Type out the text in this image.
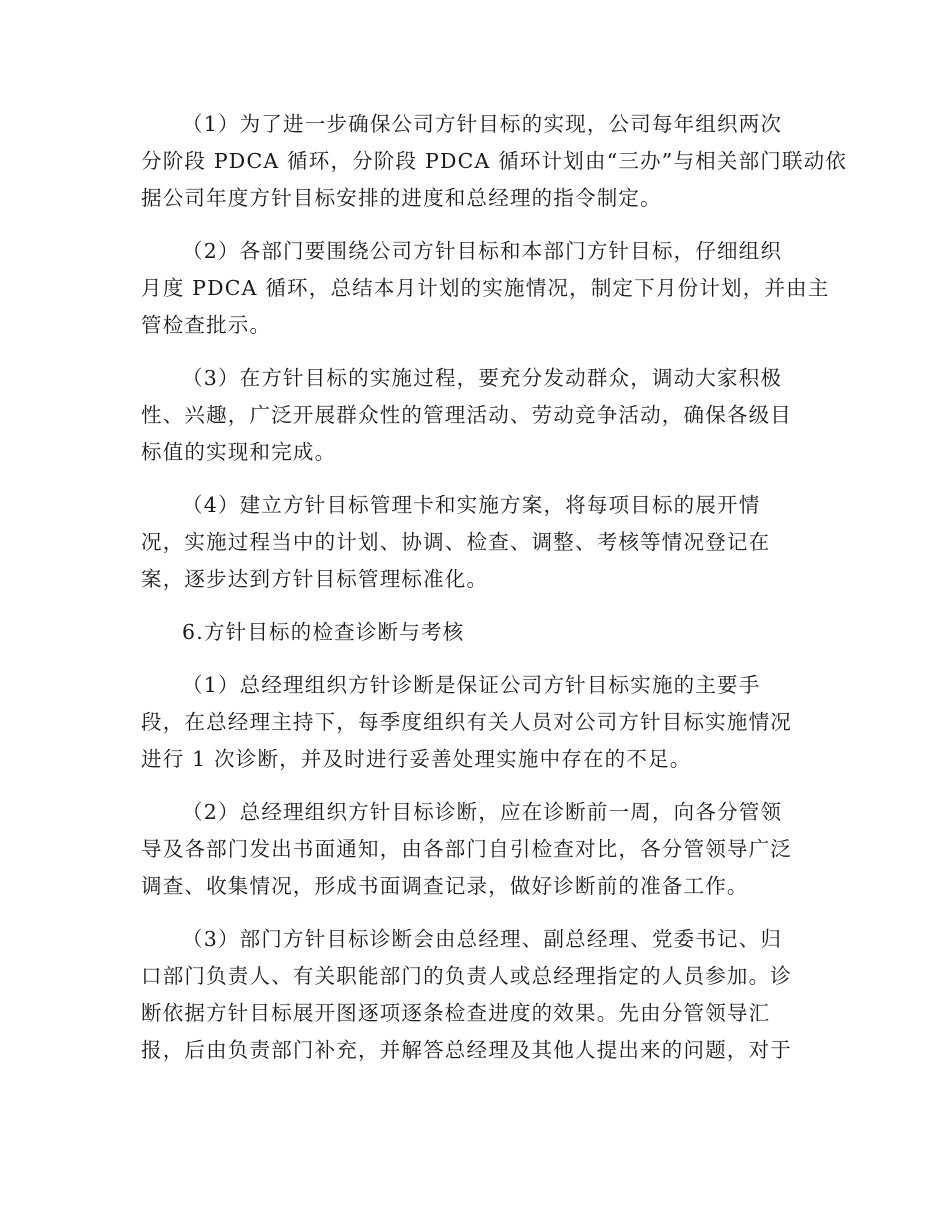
（1）为了进一步确保公司方针目标的实现，公司每年组织两次
分阶段 PDCA 循环，分阶段 PDCA 循环计划由“三办”与相关部门联动依
据公司年度方针目标安排的进度和总经理的指令制定。
（2）各部门要围绕公司方针目标和本部门方针目标，仔细组织
月度 PDCA 循环，总结本月计划的实施情况，制定下月份计划，并由主
管检查批示。
（3）在方针目标的实施过程，要充分发动群众，调动大家积极
性、兴趣，广泛开展群众性的管理活动、劳动竞争活动，确保各级目
标值的实现和完成。
（4）建立方针目标管理卡和实施方案，将每项目标的展开情
况，实施过程当中的计划、协调、检查、调整、考核等情况登记在
案，逐步达到方针目标管理标准化。
6.方针目标的检查诊断与考核
（1）总经理组织方针诊断是保证公司方针目标实施的主要手
段，在总经理主持下，每季度组织有关人员对公司方针目标实施情况
进行 1 次诊断，并及时进行妥善处理实施中存在的不足。
（2）总经理组织方针目标诊断，应在诊断前一周，向各分管领
导及各部门发出书面通知，由各部门自引检查对比，各分管领导广泛
调查、收集情况，形成书面调查记录，做好诊断前的准备工作。
（3）部门方针目标诊断会由总经理、副总经理、党委书记、归
口部门负责人、有关职能部门的负责人或总经理指定的人员参加。诊
断依据方针目标展开图逐项逐条检查进度的效果。先由分管领导汇
报，后由负责部门补充，并解答总经理及其他人提出来的问题，对于
